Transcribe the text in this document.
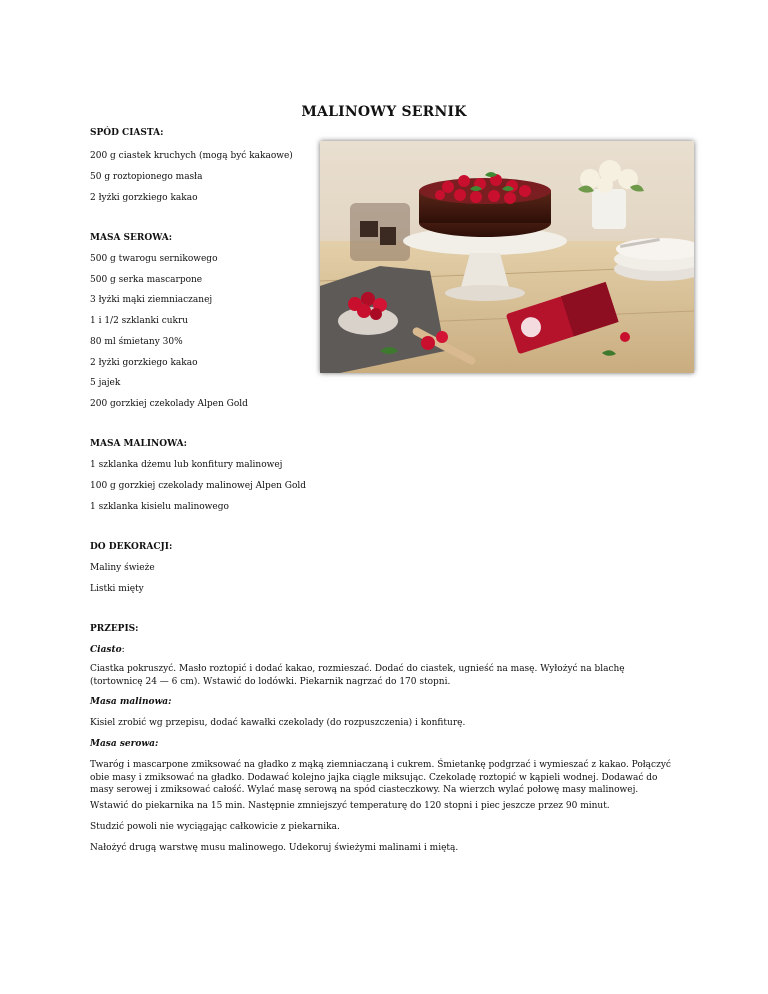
MALINOWY SERNIK
SPÓD CIASTA:
200 g ciastek kruchych (mogą być kakaowe)
50 g roztopionego masła
2 łyżki gorzkiego kakao
MASA SEROWA:
500 g twarogu sernikowego
500 g serka mascarpone
3 łyżki mąki ziemniaczanej
1 i 1/2 szklanki cukru
80 ml śmietany 30%
2 łyżki gorzkiego kakao
5 jajek
200 gorzkiej czekolady Alpen Gold
MASA MALINOWA:
1 szklanka dżemu lub konfitury malinowej
100 g gorzkiej czekolady malinowej Alpen Gold
1 szklanka kisielu malinowego
DO DEKORACJI:
Maliny świeże
Listki mięty
PRZEPIS:
Ciasto:
Ciastka pokruszyć. Masło roztopić i dodać kakao, rozmieszać. Dodać do ciastek, ugnieść na masę. Wyłożyć na blachę (tortownicę 24 — 6 cm). Wstawić do lodówki. Piekarnik nagrzać do 170 stopni.
Masa malinowa:
Kisiel zrobić wg przepisu, dodać kawałki czekolady (do rozpuszczenia) i konfiturę.
Masa serowa:
Twaróg i mascarpone zmiksować na gładko z mąką ziemniaczaną i cukrem. Śmietankę podgrzać i wymieszać z kakao. Połączyć obie masy i zmiksować na gładko. Dodawać kolejno jajka ciągle miksując. Czekoladę roztopić w kąpieli wodnej. Dodawać do masy serowej i zmiksować całość. Wylać masę serową na spód ciasteczkowy. Na wierzch wylać połowę masy malinowej.
Wstawić do piekarnika na 15 min. Następnie zmniejszyć temperaturę do 120 stopni i piec jeszcze przez 90 minut.
Studzić powoli nie wyciągając całkowicie z piekarnika.
Nałożyć drugą warstwę musu malinowego. Udekoruj świeżymi malinami i miętą.
